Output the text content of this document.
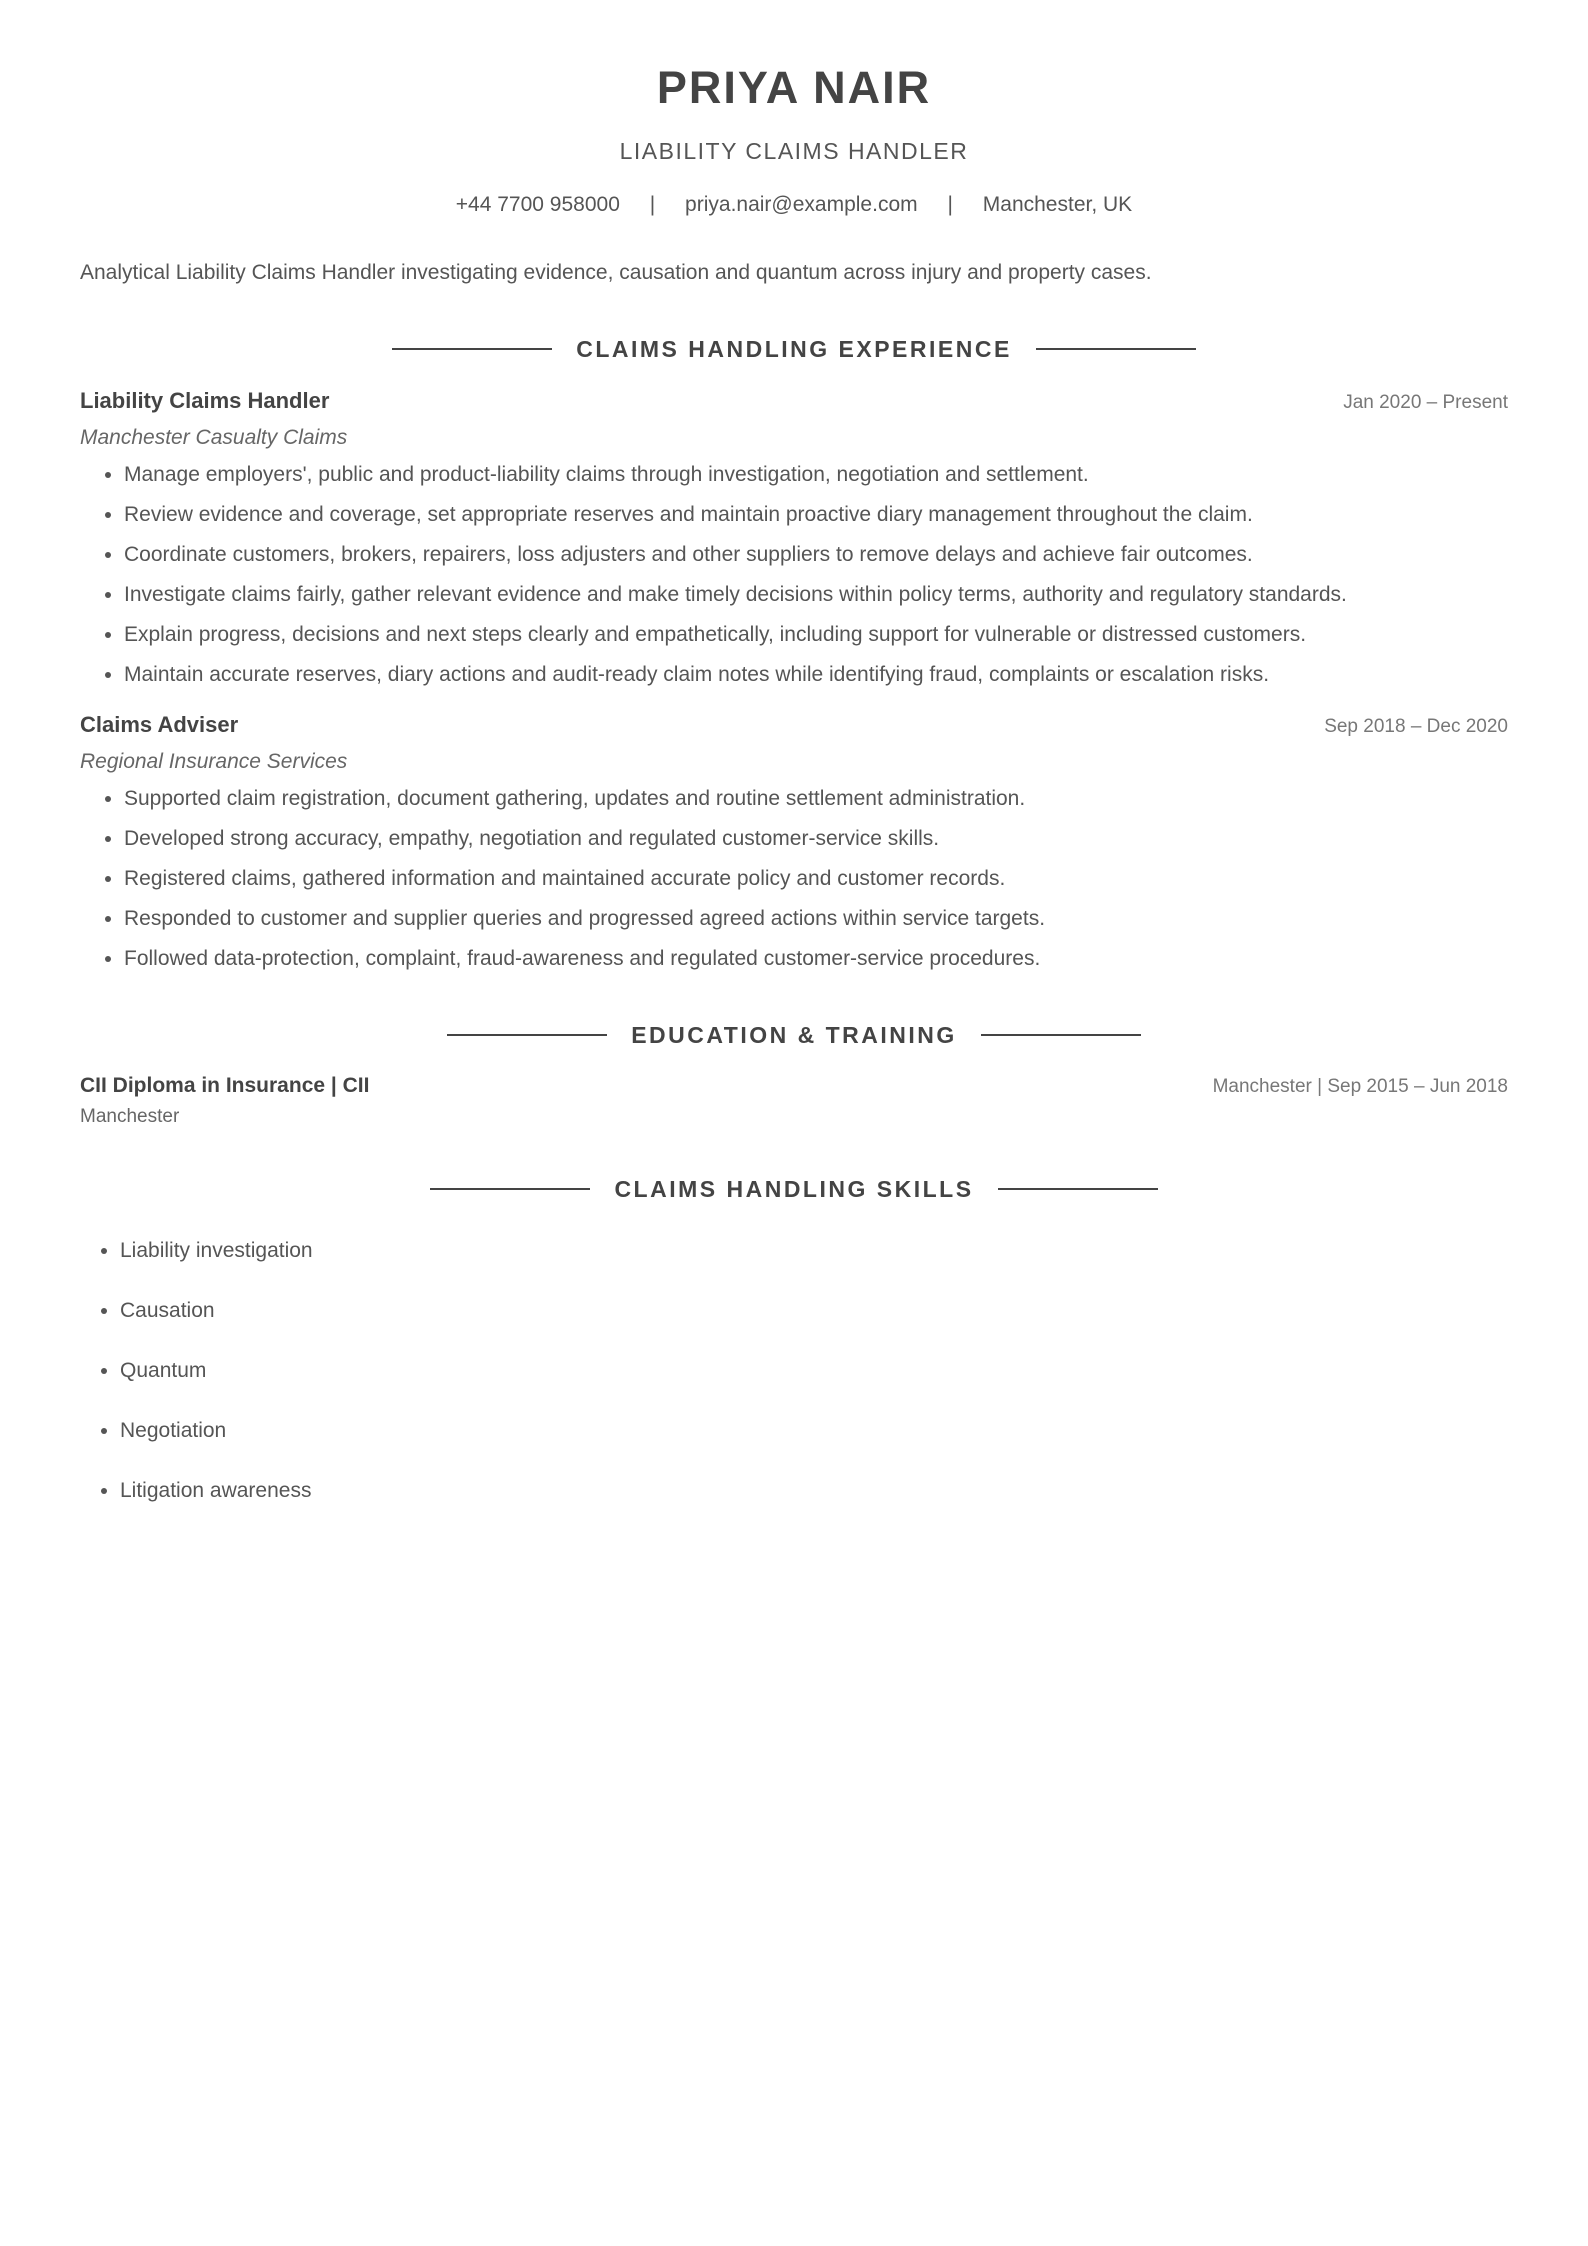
PRIYA NAIR
LIABILITY CLAIMS HANDLER
+44 7700 958000 | priya.nair@example.com | Manchester, UK
Analytical Liability Claims Handler investigating evidence, causation and quantum across injury and property cases.
CLAIMS HANDLING EXPERIENCE
Liability Claims Handler	Jan 2020 – Present
Manchester Casualty Claims
• Manage employers', public and product-liability claims through investigation, negotiation and settlement.
• Review evidence and coverage, set appropriate reserves and maintain proactive diary management throughout the claim.
• Coordinate customers, brokers, repairers, loss adjusters and other suppliers to remove delays and achieve fair outcomes.
• Investigate claims fairly, gather relevant evidence and make timely decisions within policy terms, authority and regulatory standards.
• Explain progress, decisions and next steps clearly and empathetically, including support for vulnerable or distressed customers.
• Maintain accurate reserves, diary actions and audit-ready claim notes while identifying fraud, complaints or escalation risks.
Claims Adviser	Sep 2018 – Dec 2020
Regional Insurance Services
• Supported claim registration, document gathering, updates and routine settlement administration.
• Developed strong accuracy, empathy, negotiation and regulated customer-service skills.
• Registered claims, gathered information and maintained accurate policy and customer records.
• Responded to customer and supplier queries and progressed agreed actions within service targets.
• Followed data-protection, complaint, fraud-awareness and regulated customer-service procedures.
EDUCATION & TRAINING
CII Diploma in Insurance | CII	Manchester | Sep 2015 – Jun 2018
Manchester
CLAIMS HANDLING SKILLS
• Liability investigation
• Causation
• Quantum
• Negotiation
• Litigation awareness
